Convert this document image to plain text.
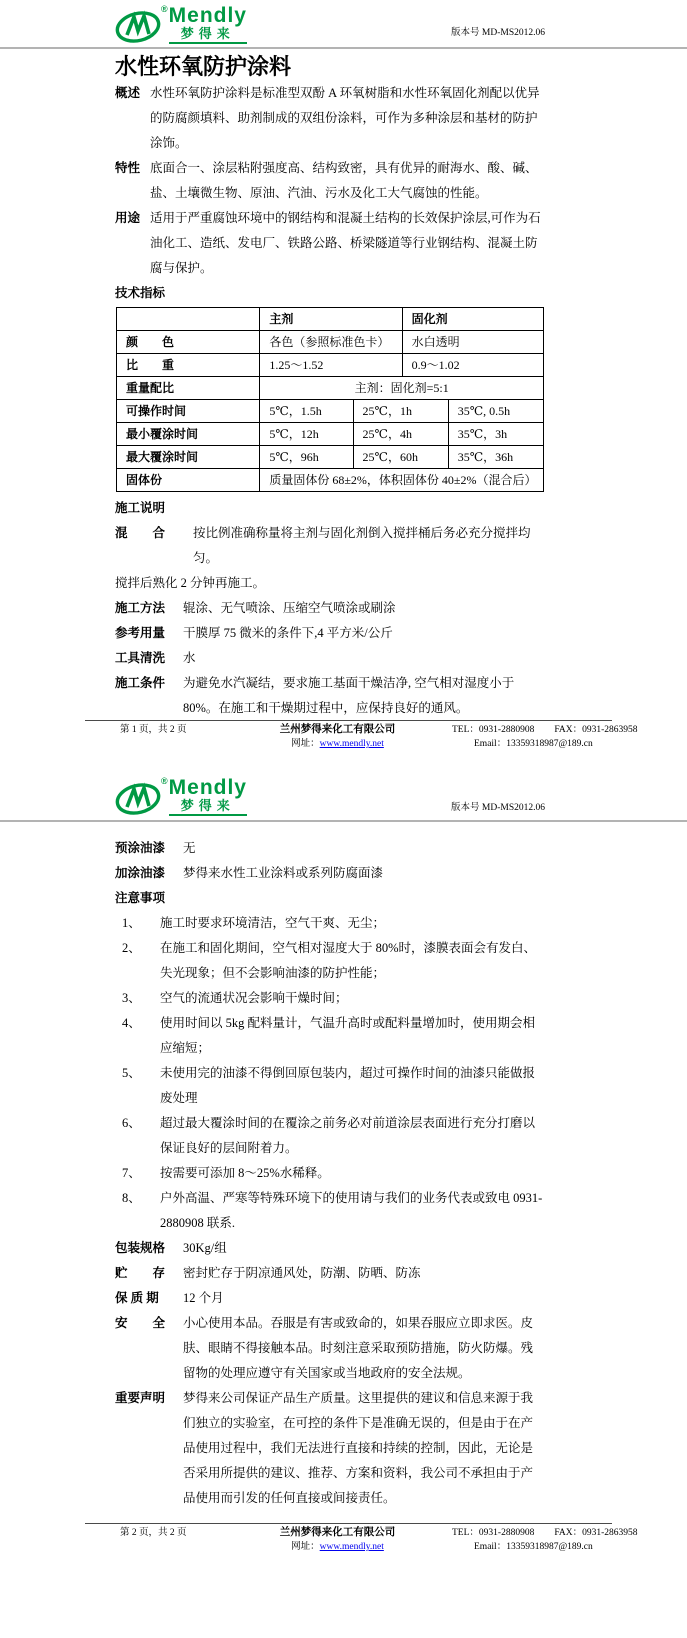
® Mendly
梦得来	版本号 MD-MS2012.06
水性环氧防护涂料
概述 水性环氧防护涂料是标准型双酚 A 环氧树脂和水性环氧固化剂配以优异的防腐颜填料、助剂制成的双组份涂料，可作为多种涂层和基材的防护涂饰。
特性 底面合一、涂层粘附强度高、结构致密，具有优异的耐海水、酸、碱、盐、土壤微生物、原油、汽油、污水及化工大气腐蚀的性能。
用途 适用于严重腐蚀环境中的钢结构和混凝土结构的长效保护涂层,可作为石油化工、造纸、发电厂、铁路公路、桥梁隧道等行业钢结构、混凝土防腐与保护。
技术指标
	主剂		固化剂	
颜　　色	各色（参照标准色卡）		水白透明	
比　　重	1.25～1.52		0.9～1.02	
重量配比	主剂：固化剂=5:1			
可操作时间	5℃，1.5h	25℃，1h		35℃, 0.5h
最小覆涂时间	5℃，12h	25℃，4h		35℃，3h
最大覆涂时间	5℃，96h	25℃，60h		35℃，36h
固体份	质量固体份 68±2%，体积固体份 40±2%（混合后）			
施工说明
混　　合	按比例准确称量将主剂与固化剂倒入搅拌桶后务必充分搅拌均匀。
搅拌后熟化 2 分钟再施工。
施工方法	辊涂、无气喷涂、压缩空气喷涂或刷涂
参考用量	干膜厚 75 微米的条件下,4 平方米/公斤
工具清洗	水
施工条件	为避免水汽凝结，要求施工基面干燥洁净, 空气相对湿度小于 80%。在施工和干燥期过程中，应保持良好的通风。
第 1 页，共 2 页	兰州梦得来化工有限公司	TEL：0931-2880908 FAX：0931-2863958
网址：www.mendly.net	Email：13359318987@189.cn
® Mendly
梦得来	版本号 MD-MS2012.06
预涂油漆	无
加涂油漆	梦得来水性工业涂料或系列防腐面漆
注意事项
1、	施工时要求环境清洁，空气干爽、无尘；
2、	在施工和固化期间，空气相对湿度大于 80%时，漆膜表面会有发白、失光现象；但不会影响油漆的防护性能；
3、	空气的流通状况会影响干燥时间；
4、	使用时间以 5kg 配料量计，气温升高时或配料量增加时，使用期会相应缩短；
5、	未使用完的油漆不得倒回原包装内，超过可操作时间的油漆只能做报废处理
6、	超过最大覆涂时间的在覆涂之前务必对前道涂层表面进行充分打磨以保证良好的层间附着力。
7、	按需要可添加 8～25%水稀释。
8、	户外高温、严寒等特殊环境下的使用请与我们的业务代表或致电 0931-2880908 联系.
包装规格	30Kg/组
贮　　存	密封贮存于阴凉通风处，防潮、防晒、防冻
保 质 期	12 个月
安　　全	小心使用本品。吞服是有害或致命的，如果吞服应立即求医。皮肤、眼睛不得接触本品。时刻注意采取预防措施，防火防爆。残留物的处理应遵守有关国家或当地政府的安全法规。
重要声明	梦得来公司保证产品生产质量。这里提供的建议和信息来源于我们独立的实验室，在可控的条件下是准确无误的，但是由于在产品使用过程中，我们无法进行直接和持续的控制，因此，无论是否采用所提供的建议、推荐、方案和资料，我公司不承担由于产品使用而引发的任何直接或间接责任。
第 2 页，共 2 页	兰州梦得来化工有限公司	TEL：0931-2880908 FAX：0931-2863958
网址：www.mendly.net	Email：13359318987@189.cn
